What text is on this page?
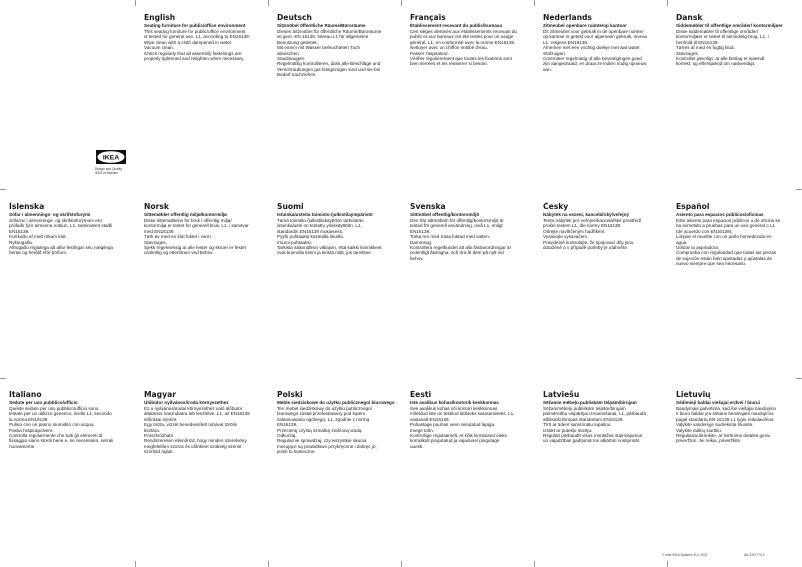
English
Seating furniture for public/office environment
This seating furniture for public/office environment
is tested for general use, L1, according to EN16139.
Wipe clean with a cloth dampened in water.
Vacuum clean.
Check regularly that all assembly fastenings are
properly tightened and retighten when necessary.
Deutsch
Sitzmöbel öffentliche Räume/Büroräume
Dieses Sitzmöbel für öffentliche Räume/Büroräume
ist gem. EN 16139, Niveau L1 für allgemeine
Benutzung getestet.
Mit einem mit Wasser befeuchteten Tuch
abwischen.
Staubsaugen.
Regelmäßig kontrollieren, dass alle Beschläge und
Verschraubungen gut festgezogen sind und sie bei
Bedarf nachziehen.
Français
Établissement recevant du public/bureaux
Ces sièges destinés aux établissements recevant du
public et aux bureaux ont été testés pour un usage
général, L1, en conformité avec la norme EN16139.
Nettoyer avec un chiffon imbibé d'eau.
Passer l'aspirateur.
Vérifier régulièrement que toutes les fixations sont
bien serrées et les resserrer si besoin.
Nederlands
Zitmeubel openbare ruimte/op kantoor
Dit zitmeubel voor gebruik in de openbare ruimte/
op kantoor is getest voor algemeen gebruik, niveau
L1, volgens EN16139.
Afnemen met een vochtig doekje met wat water.
Stofzuigen.
Controleer regelmatig of alle bevestigingen goed
zijn aangedraaid, en draai ze indien nodig opnieuw
aan.
Dansk
Siddemøbler til offentlige områder/ kontormiljøer
Disse siddemøbler til offentlige områder/
kontormiljøer er testet til almindelig brug, L1, i
henhold til EN16139.
Tørres af med en fugtig klud.
Støvsuges.
Kontroller jævnligt, at alle beslag er spændt
korrekt, og efterspænd om nødvendigt.
Íslenska
Sófar í almennings- og skrifstofurými
Sófarnir í almennings- og skrifstofurýmum eru
prófaðir fyrir almenna notkun, L1, samkvæmt staðli
EN16139.
Þurrkaðu af með rökum klút.
Ryksugaðu.
Athugaðu reglulega að allar festingar séu nægilega
hertar og herðið eftir þörfum.
Norsk
Sittemøbler offentlig miljø/kontormiljø
Disse sittemøblene for bruk i offentlig miljø/
kontormiljø er testet for generell bruk, L1, i samsvar
med EN16139.
Tørk av med en klut fuktet i vann.
Støvsuges.
Sjekk regelmessig at alle fester og skruer er festet
ordentlig og etterstram ved behov.
Suomi
Istuinkalusteita toimisto-/julkistilaympäristö
Tämä toimisto-/julkistilakäyttöön tarkoitettu
istuinkaluste on testattu yleiskäyttöön, L1,
standardin EN16139 mukaisesti.
Pyyhi puhtaaksi kostealla liinalla.
Imuroi puhtaaksi.
Tarkista säännöllisin väliajoin, että kaikki kiinnikkeet
ovat kunnolla kiinni ja kiristä niitä, jos tarvitsee.
Svenska
Sittmöbel offentlig/kontorsmiljö
Den här sittmöbeln för offentlig/kontorsmiljö är
testad för generell användning, nivå L1, enligt
EN16139.
Torka ren med trasa fuktad med vatten.
Dammsug.
Kontrollera regelbundet att alla fästanordningar är
ordentligt åtdragna, och dra åt dem på nytt vid
behov.
Česky
Nábytek na sezení, kancelářský/veřejný
Tento nábytek pro veřejné/kancelářské prostředí
prošel testem L1, dle normy EN16139.
Otírejte navlhčeným hadříkem.
Vysávejte vysavačem.
Pravidelně kontrolujte, že spojovací díly jsou
dotaženě a v případě potřeby je utáhněte.
Español
Asiento para espacios públicos/oficinas
Este asiento para espacios públicos u de oficina se
ha sometido a pruebas para un uso general o L1
(de acuerdo con EN16139).
Limpiar el mueble con un paño humedecido en
agua.
Utilizar la aspiradora.
Comprueba con regularidad que todas las piezas
de sujeción están bien ajustadas y ajústalas de
nuevo siempre que sea necesario.
Italiano
Sedute per uso pubblico/ufficio
Queste sedute per uso pubblico/ufficio sono
testate per un utilizzo generico, livello L1, secondo
la norma EN16139.
Pulisci con un panno inumidito con acqua.
Passa l'aspirapolvere.
Controlla regolarmente che tutti gli elementi di
fissaggio siano stretti bene e, se necessario, serrali
nuovamente.
Magyar
Ülőbútor nyilvános/iroda környezethez
Ez a nyilvános/irodai környezethez való ülőbútor
általános használatra lett tesztelve, L1, az EN16139
előírásai szerint.
Egy tiszta, vízzel benedvesített ruhával törölni
tisztára.
Porszívózható.
Rendszeresen ellenőrizd, hogy minden szerelvény
megfelelően szoros és időnként szükség szerint
szorítsd rajtuk.
Polski
Meble siedziskowe do użytku publicznego/ biurowego
Ten mebel siedziskowy do użytku publicznego/
biurowego został przetestowany pod kątem
zastosowania ogólnego, L1, zgodnie z normą
EN16139.
Przecieraj czystą szmatką zwilżoną wodą.
Odkurzaj.
Regularnie sprawdzaj, czy wszystkie okucia
mocujące są prawidłowo przykręcone i dokręć je,
jeżeli to konieczne.
Eesti
Iste avalikus kohas/kontorik keskkonnas
See avalikus kohas või kontori keskkonnas
mõeldud iste on testitud üldiseks kasutamiseks, L1,
vastavalt EN16139.
Puhastage puuhas veen niisutatud lapiga.
Imege tolm.
Kontrollige regulaarselt, et kõik kinnitused oleks
korralikult pingutatud ja vajadusel pingutage
uuesti.
Latviešu
Sēžamie mēbeļu publiskām telpām/birojam
Sēžammēbeļu publiskām telpām/birojam
piemērotību vispārējai izmantošanai, L1, pārbaudā
atbilstoši Eiropas standartam EN16139.
Tīrīt ar ūdenī samitrinātu lupatiņu.
Izsūkt ar putekļu sūcēju.
Regulāri pārbaudīt visus montāžas stiprinājumus
un vajadzības gadījumā tos atkārtoti nostiprināt.
Lietuvių
Sėdimieji baldai viešajai erdvei / biurui
Bandymais patvirtinta, kad šie viešajai naudojimo
ir biuro baldai yra tinkami bendrajam naudojimui
pagal standartą EN 16139 L1 lygio reikalavimus.
Valykite vandenyje sudrėkinta šluoste.
Valykite dulkių siurbliu.
Reguliariai tikrinkite, ar tvirtinimo detalės gerai
priveržtos. Jei reikia, priveržkite.
IKEA
Design and Quality
IKEA of Sweden
© Inter IKEA Systems B.V. 2021	AA-2307770-4
